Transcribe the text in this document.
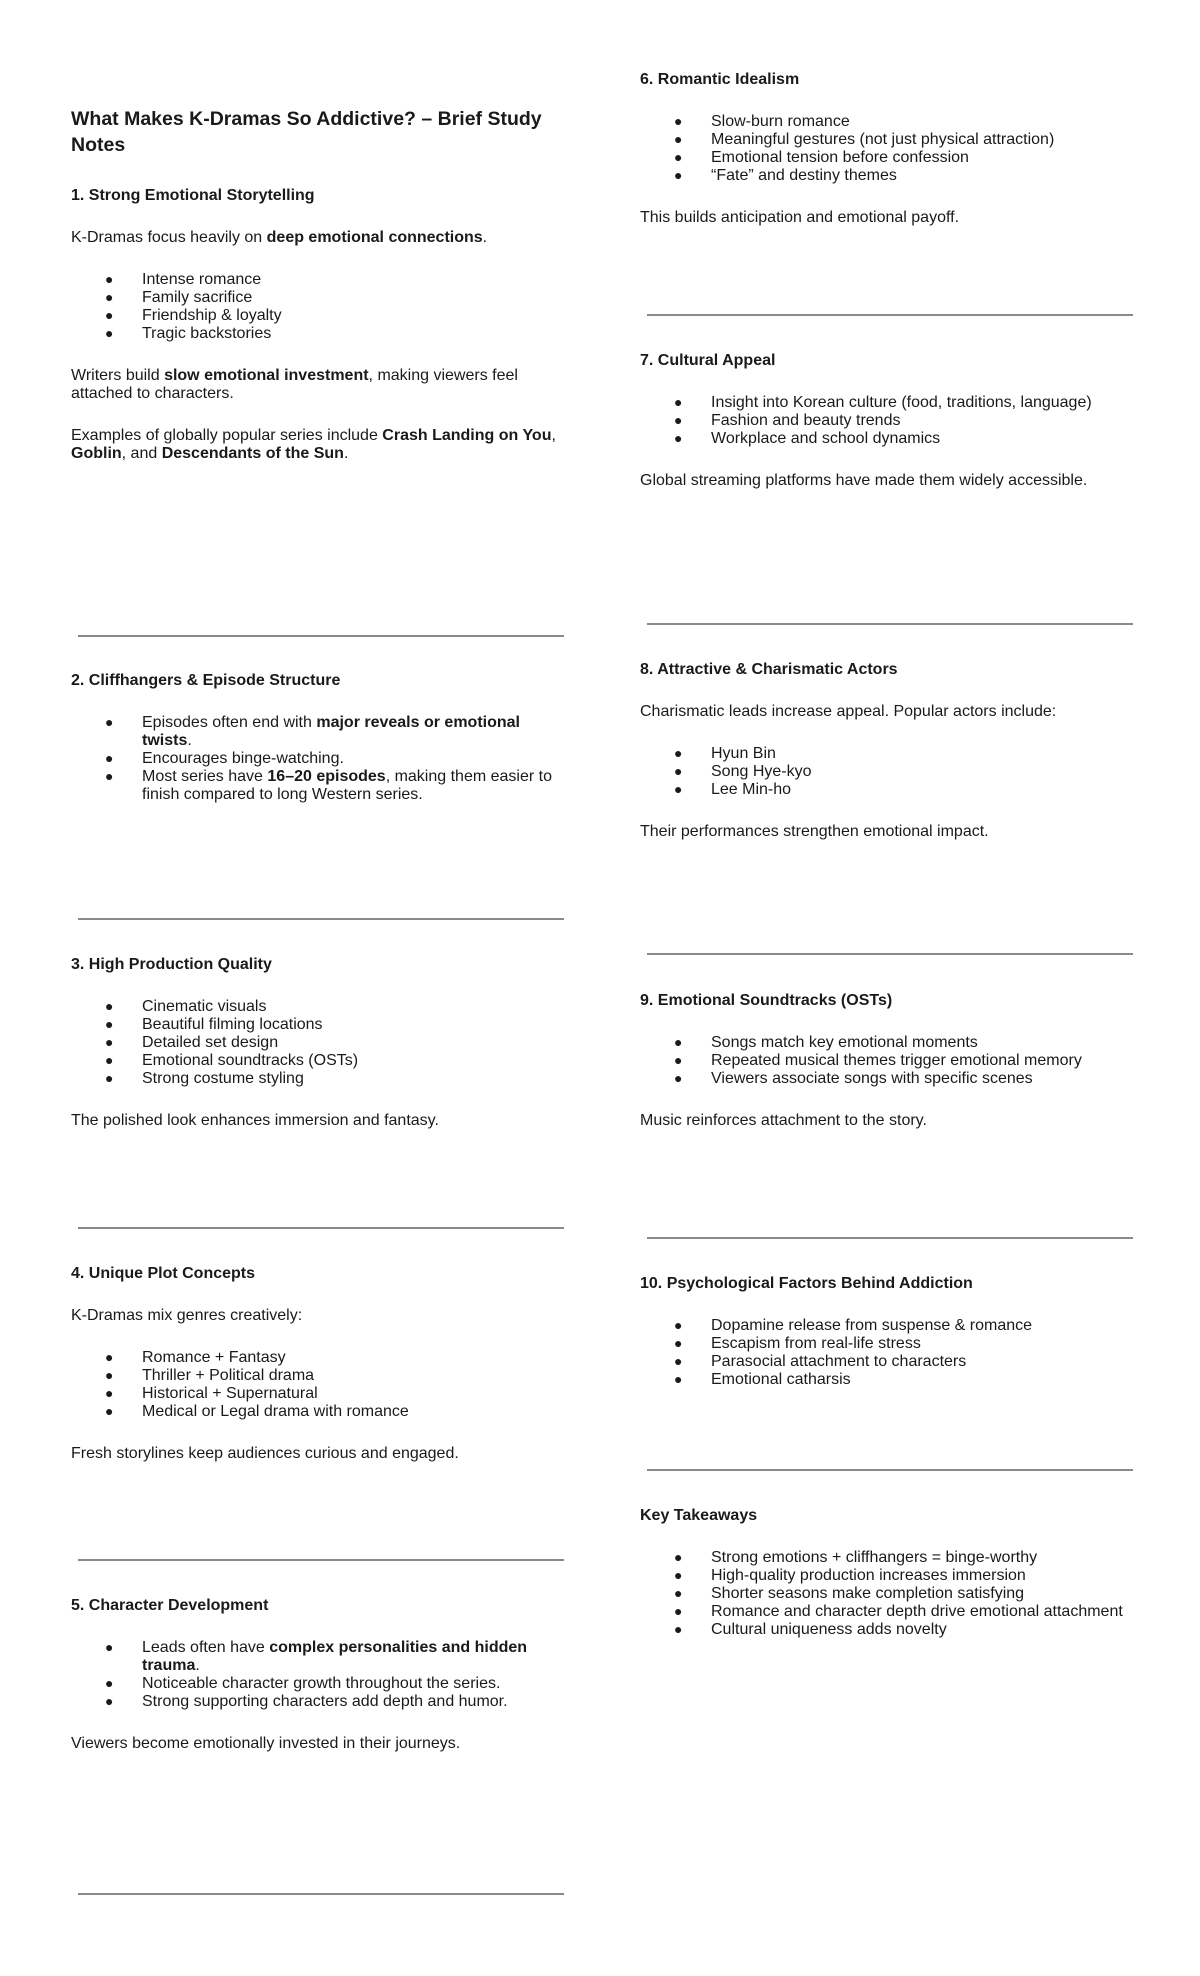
What Makes K-Dramas So Addictive? – Brief Study Notes

1. Strong Emotional Storytelling

K-Dramas focus heavily on deep emotional connections.

● Intense romance
● Family sacrifice
● Friendship & loyalty
● Tragic backstories

Writers build slow emotional investment, making viewers feel attached to characters.

Examples of globally popular series include Crash Landing on You, Goblin, and Descendants of the Sun.

2. Cliffhangers & Episode Structure

● Episodes often end with major reveals or emotional twists.
● Encourages binge-watching.
● Most series have 16–20 episodes, making them easier to finish compared to long Western series.

3. High Production Quality

● Cinematic visuals
● Beautiful filming locations
● Detailed set design
● Emotional soundtracks (OSTs)
● Strong costume styling

The polished look enhances immersion and fantasy.

4. Unique Plot Concepts

K-Dramas mix genres creatively:

● Romance + Fantasy
● Thriller + Political drama
● Historical + Supernatural
● Medical or Legal drama with romance

Fresh storylines keep audiences curious and engaged.

5. Character Development

● Leads often have complex personalities and hidden trauma.
● Noticeable character growth throughout the series.
● Strong supporting characters add depth and humor.

Viewers become emotionally invested in their journeys.

6. Romantic Idealism

● Slow-burn romance
● Meaningful gestures (not just physical attraction)
● Emotional tension before confession
● “Fate” and destiny themes

This builds anticipation and emotional payoff.

7. Cultural Appeal

● Insight into Korean culture (food, traditions, language)
● Fashion and beauty trends
● Workplace and school dynamics

Global streaming platforms have made them widely accessible.

8. Attractive & Charismatic Actors

Charismatic leads increase appeal. Popular actors include:

● Hyun Bin
● Song Hye-kyo
● Lee Min-ho

Their performances strengthen emotional impact.

9. Emotional Soundtracks (OSTs)

● Songs match key emotional moments
● Repeated musical themes trigger emotional memory
● Viewers associate songs with specific scenes

Music reinforces attachment to the story.

10. Psychological Factors Behind Addiction

● Dopamine release from suspense & romance
● Escapism from real-life stress
● Parasocial attachment to characters
● Emotional catharsis

Key Takeaways

● Strong emotions + cliffhangers = binge-worthy
● High-quality production increases immersion
● Shorter seasons make completion satisfying
● Romance and character depth drive emotional attachment
● Cultural uniqueness adds novelty
